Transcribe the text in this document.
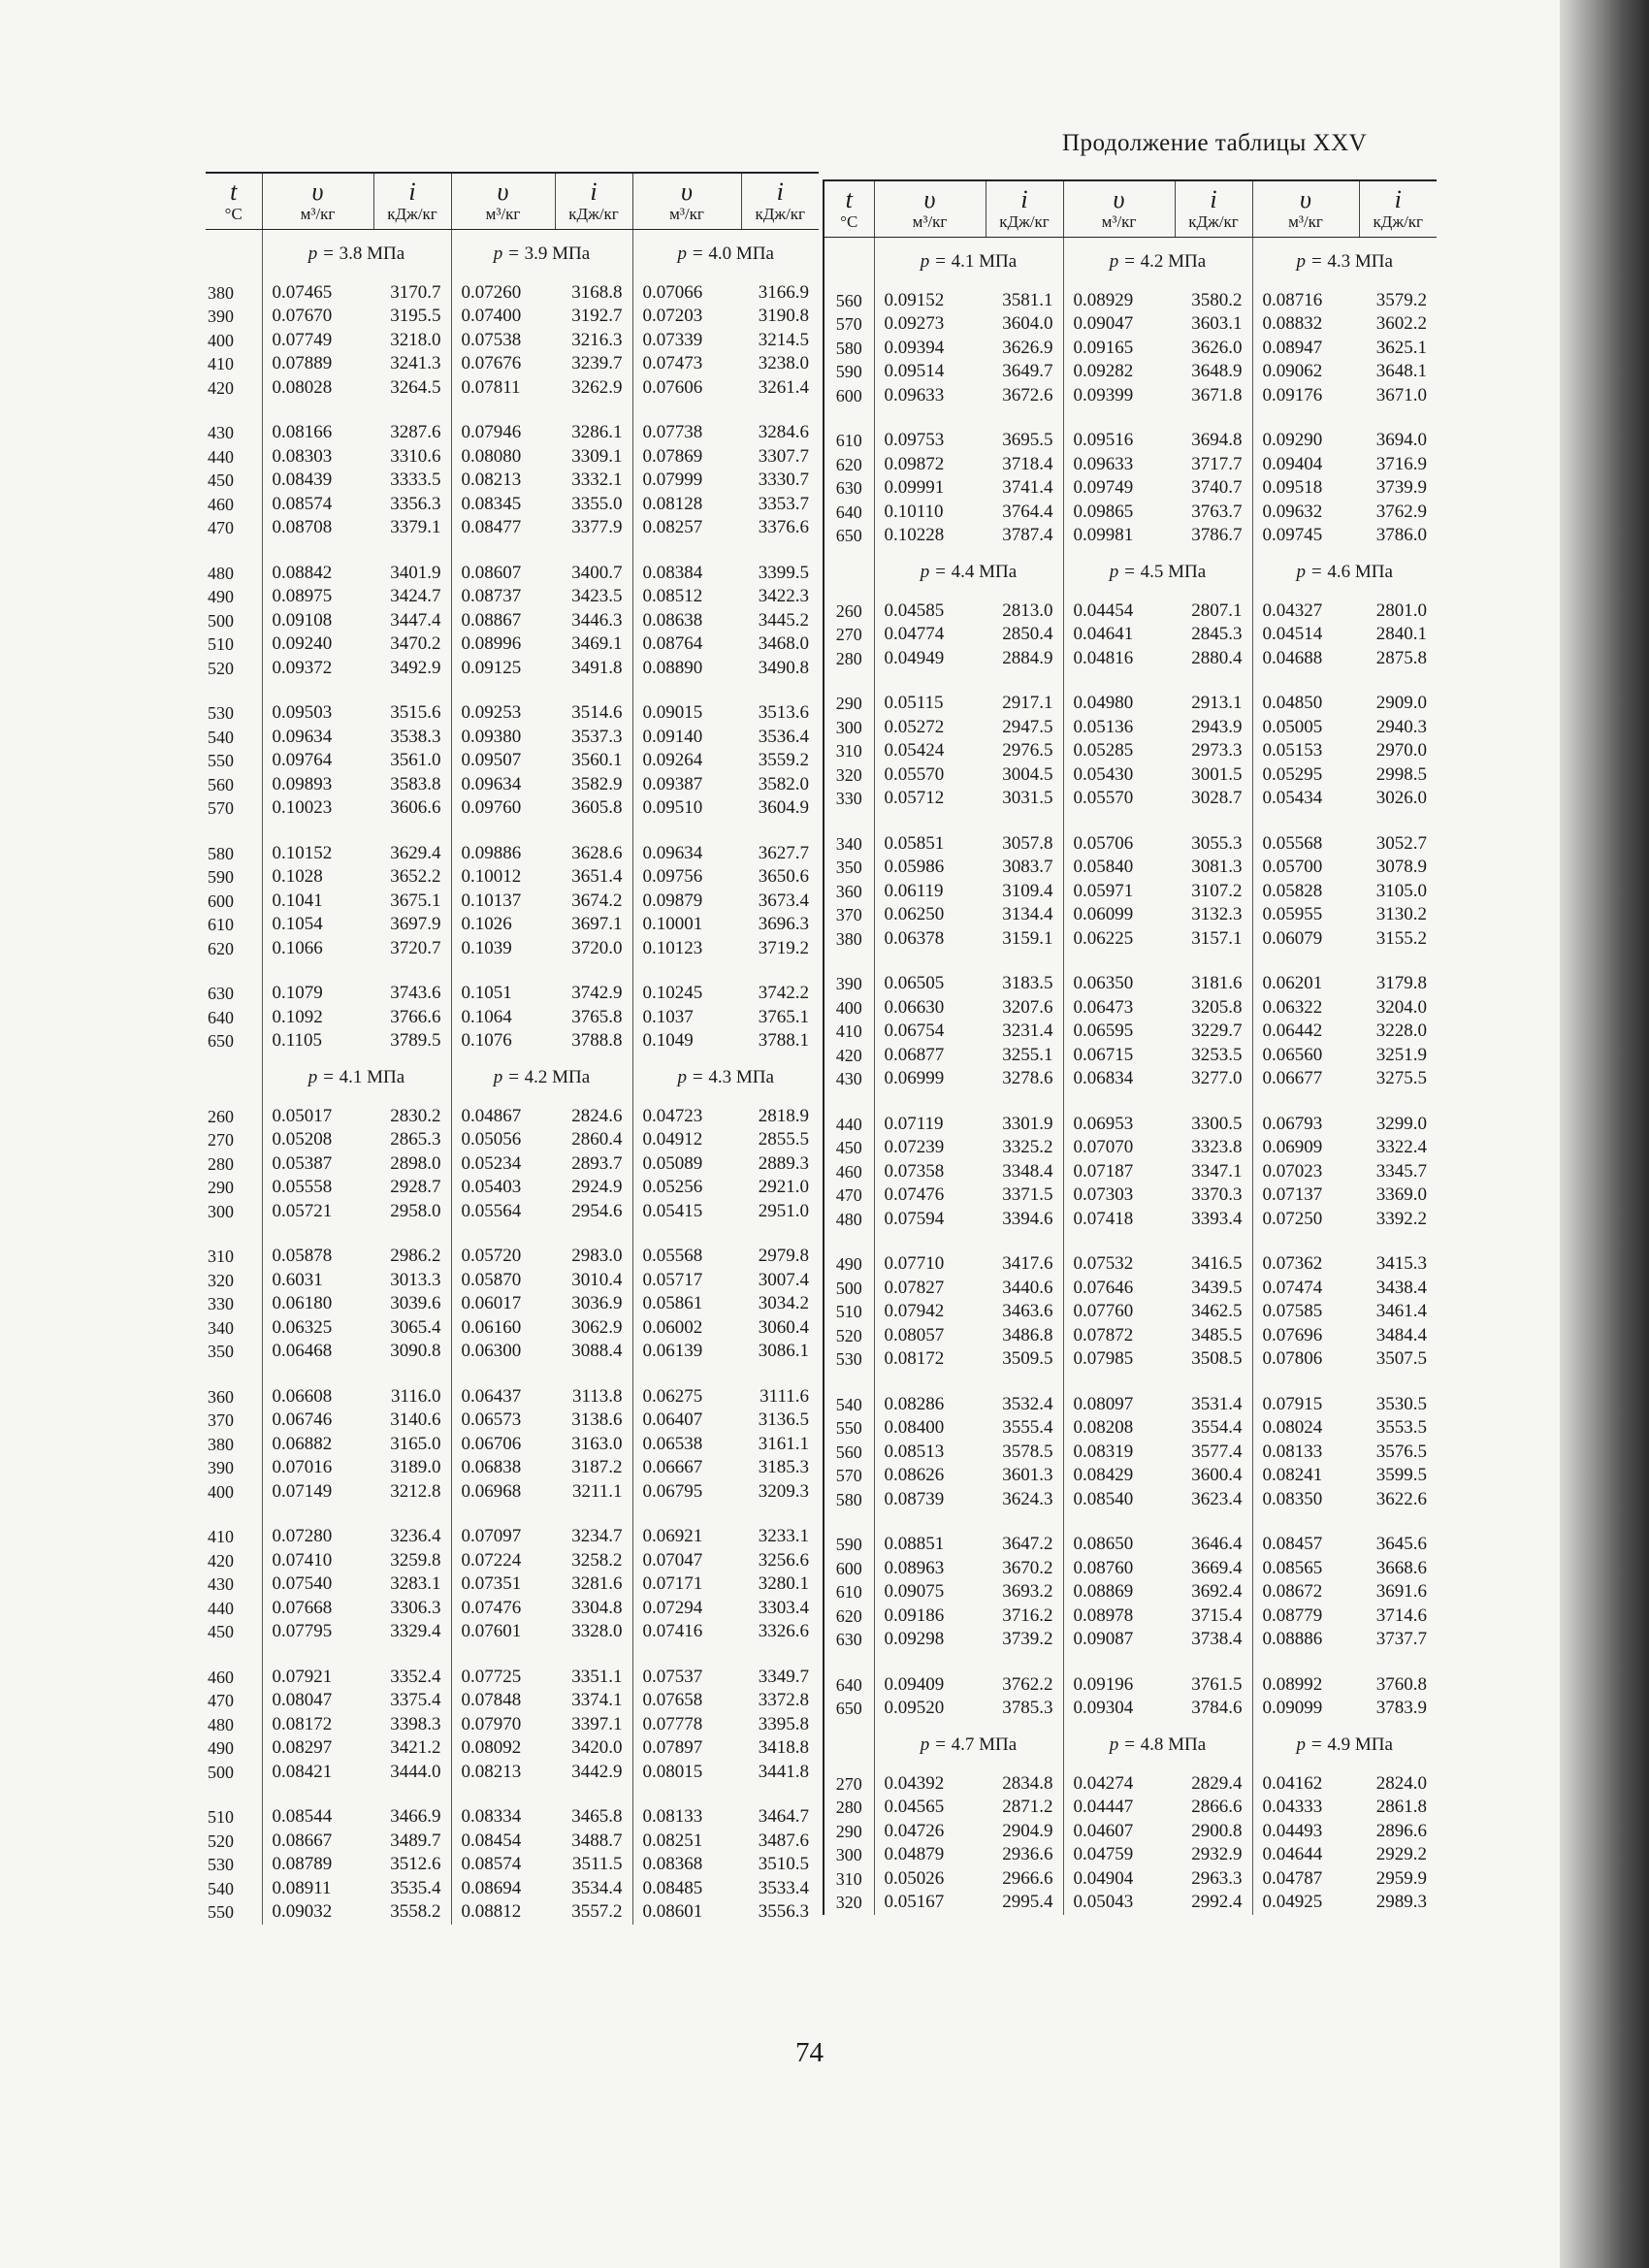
Продолжение таблицы XXV
t
°C	υ
м³/кг	i
кДж/кг	υ
м³/кг	i
кДж/кг	υ
м³/кг	i
кДж/кг

	p = 3.8 МПа		p = 3.9 МПа		p = 4.0 МПа	
380	0.07465	3170.7	0.07260	3168.8	0.07066	3166.9
390	0.07670	3195.5	0.07400	3192.7	0.07203	3190.8
400	0.07749	3218.0	0.07538	3216.3	0.07339	3214.5
410	0.07889	3241.3	0.07676	3239.7	0.07473	3238.0
420	0.08028	3264.5	0.07811	3262.9	0.07606	3261.4

430	0.08166	3287.6	0.07946	3286.1	0.07738	3284.6
440	0.08303	3310.6	0.08080	3309.1	0.07869	3307.7
450	0.08439	3333.5	0.08213	3332.1	0.07999	3330.7
460	0.08574	3356.3	0.08345	3355.0	0.08128	3353.7
470	0.08708	3379.1	0.08477	3377.9	0.08257	3376.6

480	0.08842	3401.9	0.08607	3400.7	0.08384	3399.5
490	0.08975	3424.7	0.08737	3423.5	0.08512	3422.3
500	0.09108	3447.4	0.08867	3446.3	0.08638	3445.2
510	0.09240	3470.2	0.08996	3469.1	0.08764	3468.0
520	0.09372	3492.9	0.09125	3491.8	0.08890	3490.8

530	0.09503	3515.6	0.09253	3514.6	0.09015	3513.6
540	0.09634	3538.3	0.09380	3537.3	0.09140	3536.4
550	0.09764	3561.0	0.09507	3560.1	0.09264	3559.2
560	0.09893	3583.8	0.09634	3582.9	0.09387	3582.0
570	0.10023	3606.6	0.09760	3605.8	0.09510	3604.9

580	0.10152	3629.4	0.09886	3628.6	0.09634	3627.7
590	0.1028	3652.2	0.10012	3651.4	0.09756	3650.6
600	0.1041	3675.1	0.10137	3674.2	0.09879	3673.4
610	0.1054	3697.9	0.1026	3697.1	0.10001	3696.3
620	0.1066	3720.7	0.1039	3720.0	0.10123	3719.2

630	0.1079	3743.6	0.1051	3742.9	0.10245	3742.2
640	0.1092	3766.6	0.1064	3765.8	0.1037	3765.1
650	0.1105	3789.5	0.1076	3788.8	0.1049	3788.1
	p = 4.1 МПа		p = 4.2 МПа		p = 4.3 МПа	
260	0.05017	2830.2	0.04867	2824.6	0.04723	2818.9
270	0.05208	2865.3	0.05056	2860.4	0.04912	2855.5
280	0.05387	2898.0	0.05234	2893.7	0.05089	2889.3
290	0.05558	2928.7	0.05403	2924.9	0.05256	2921.0
300	0.05721	2958.0	0.05564	2954.6	0.05415	2951.0

310	0.05878	2986.2	0.05720	2983.0	0.05568	2979.8
320	0.6031	3013.3	0.05870	3010.4	0.05717	3007.4
330	0.06180	3039.6	0.06017	3036.9	0.05861	3034.2
340	0.06325	3065.4	0.06160	3062.9	0.06002	3060.4
350	0.06468	3090.8	0.06300	3088.4	0.06139	3086.1

360	0.06608	3116.0	0.06437	3113.8	0.06275	3111.6
370	0.06746	3140.6	0.06573	3138.6	0.06407	3136.5
380	0.06882	3165.0	0.06706	3163.0	0.06538	3161.1
390	0.07016	3189.0	0.06838	3187.2	0.06667	3185.3
400	0.07149	3212.8	0.06968	3211.1	0.06795	3209.3

410	0.07280	3236.4	0.07097	3234.7	0.06921	3233.1
420	0.07410	3259.8	0.07224	3258.2	0.07047	3256.6
430	0.07540	3283.1	0.07351	3281.6	0.07171	3280.1
440	0.07668	3306.3	0.07476	3304.8	0.07294	3303.4
450	0.07795	3329.4	0.07601	3328.0	0.07416	3326.6

460	0.07921	3352.4	0.07725	3351.1	0.07537	3349.7
470	0.08047	3375.4	0.07848	3374.1	0.07658	3372.8
480	0.08172	3398.3	0.07970	3397.1	0.07778	3395.8
490	0.08297	3421.2	0.08092	3420.0	0.07897	3418.8
500	0.08421	3444.0	0.08213	3442.9	0.08015	3441.8

510	0.08544	3466.9	0.08334	3465.8	0.08133	3464.7
520	0.08667	3489.7	0.08454	3488.7	0.08251	3487.6
530	0.08789	3512.6	0.08574	3511.5	0.08368	3510.5
540	0.08911	3535.4	0.08694	3534.4	0.08485	3533.4
550	0.09032	3558.2	0.08812	3557.2	0.08601	3556.3
t
°C	υ
м³/кг	i
кДж/кг	υ
м³/кг	i
кДж/кг	υ
м³/кг	i
кДж/кг

	p = 4.1 МПа		p = 4.2 МПа		p = 4.3 МПа	
560	0.09152	3581.1	0.08929	3580.2	0.08716	3579.2
570	0.09273	3604.0	0.09047	3603.1	0.08832	3602.2
580	0.09394	3626.9	0.09165	3626.0	0.08947	3625.1
590	0.09514	3649.7	0.09282	3648.9	0.09062	3648.1
600	0.09633	3672.6	0.09399	3671.8	0.09176	3671.0

610	0.09753	3695.5	0.09516	3694.8	0.09290	3694.0
620	0.09872	3718.4	0.09633	3717.7	0.09404	3716.9
630	0.09991	3741.4	0.09749	3740.7	0.09518	3739.9
640	0.10110	3764.4	0.09865	3763.7	0.09632	3762.9
650	0.10228	3787.4	0.09981	3786.7	0.09745	3786.0
	p = 4.4 МПа		p = 4.5 МПа		p = 4.6 МПа	
260	0.04585	2813.0	0.04454	2807.1	0.04327	2801.0
270	0.04774	2850.4	0.04641	2845.3	0.04514	2840.1
280	0.04949	2884.9	0.04816	2880.4	0.04688	2875.8

290	0.05115	2917.1	0.04980	2913.1	0.04850	2909.0
300	0.05272	2947.5	0.05136	2943.9	0.05005	2940.3
310	0.05424	2976.5	0.05285	2973.3	0.05153	2970.0
320	0.05570	3004.5	0.05430	3001.5	0.05295	2998.5
330	0.05712	3031.5	0.05570	3028.7	0.05434	3026.0

340	0.05851	3057.8	0.05706	3055.3	0.05568	3052.7
350	0.05986	3083.7	0.05840	3081.3	0.05700	3078.9
360	0.06119	3109.4	0.05971	3107.2	0.05828	3105.0
370	0.06250	3134.4	0.06099	3132.3	0.05955	3130.2
380	0.06378	3159.1	0.06225	3157.1	0.06079	3155.2

390	0.06505	3183.5	0.06350	3181.6	0.06201	3179.8
400	0.06630	3207.6	0.06473	3205.8	0.06322	3204.0
410	0.06754	3231.4	0.06595	3229.7	0.06442	3228.0
420	0.06877	3255.1	0.06715	3253.5	0.06560	3251.9
430	0.06999	3278.6	0.06834	3277.0	0.06677	3275.5

440	0.07119	3301.9	0.06953	3300.5	0.06793	3299.0
450	0.07239	3325.2	0.07070	3323.8	0.06909	3322.4
460	0.07358	3348.4	0.07187	3347.1	0.07023	3345.7
470	0.07476	3371.5	0.07303	3370.3	0.07137	3369.0
480	0.07594	3394.6	0.07418	3393.4	0.07250	3392.2

490	0.07710	3417.6	0.07532	3416.5	0.07362	3415.3
500	0.07827	3440.6	0.07646	3439.5	0.07474	3438.4
510	0.07942	3463.6	0.07760	3462.5	0.07585	3461.4
520	0.08057	3486.8	0.07872	3485.5	0.07696	3484.4
530	0.08172	3509.5	0.07985	3508.5	0.07806	3507.5

540	0.08286	3532.4	0.08097	3531.4	0.07915	3530.5
550	0.08400	3555.4	0.08208	3554.4	0.08024	3553.5
560	0.08513	3578.5	0.08319	3577.4	0.08133	3576.5
570	0.08626	3601.3	0.08429	3600.4	0.08241	3599.5
580	0.08739	3624.3	0.08540	3623.4	0.08350	3622.6

590	0.08851	3647.2	0.08650	3646.4	0.08457	3645.6
600	0.08963	3670.2	0.08760	3669.4	0.08565	3668.6
610	0.09075	3693.2	0.08869	3692.4	0.08672	3691.6
620	0.09186	3716.2	0.08978	3715.4	0.08779	3714.6
630	0.09298	3739.2	0.09087	3738.4	0.08886	3737.7

640	0.09409	3762.2	0.09196	3761.5	0.08992	3760.8
650	0.09520	3785.3	0.09304	3784.6	0.09099	3783.9
	p = 4.7 МПа		p = 4.8 МПа		p = 4.9 МПа	
270	0.04392	2834.8	0.04274	2829.4	0.04162	2824.0
280	0.04565	2871.2	0.04447	2866.6	0.04333	2861.8
290	0.04726	2904.9	0.04607	2900.8	0.04493	2896.6
300	0.04879	2936.6	0.04759	2932.9	0.04644	2929.2
310	0.05026	2966.6	0.04904	2963.3	0.04787	2959.9
320	0.05167	2995.4	0.05043	2992.4	0.04925	2989.3
74
